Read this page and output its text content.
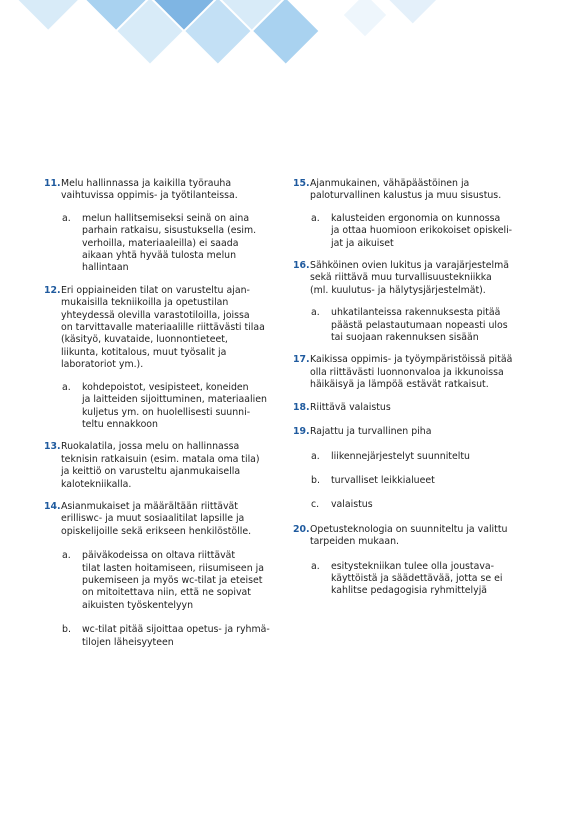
11. Melu hallinnassa ja kaikilla työrauha
vaihtuvissa oppimis- ja työtilanteissa.
a. melun hallitsemiseksi seinä on aina
parhain ratkaisu, sisustuksella (esim.
verhoilla, materiaaleilla) ei saada
aikaan yhtä hyvää tulosta melun
hallintaan
12. Eri oppiaineiden tilat on varusteltu ajan-
mukaisilla tekniikoilla ja opetustilan
yhteydessä olevilla varastotiloilla, joissa
on tarvittavalle materiaalille riittävästi tilaa
(käsityö, kuvataide, luonnontieteet,
liikunta, kotitalous, muut työsalit ja
laboratoriot ym.).
a. kohdepoistot, vesipisteet, koneiden
ja laitteiden sijoittuminen, materiaalien
kuljetus ym. on huolellisesti suunni-
teltu ennakkoon
13. Ruokalatila, jossa melu on hallinnassa
teknisin ratkaisuin (esim. matala oma tila)
ja keittiö on varusteltu ajanmukaisella
kalotekniikalla.
14. Asianmukaiset ja määrältään riittävät
erilliswc- ja muut sosiaalitilat lapsille ja
opiskelijoille sekä erikseen henkilöstölle.
a. päiväkodeissa on oltava riittävät
tilat lasten hoitamiseen, riisumiseen ja
pukemiseen ja myös wc-tilat ja eteiset
on mitoitettava niin, että ne sopivat
aikuisten työskentelyyn
b. wc-tilat pitää sijoittaa opetus- ja ryhmä-
tilojen läheisyyteen
15. Ajanmukainen, vähäpäästöinen ja
paloturvallinen kalustus ja muu sisustus.
a. kalusteiden ergonomia on kunnossa
ja ottaa huomioon erikokoiset opiskeli-
jat ja aikuiset
16. Sähköinen ovien lukitus ja varajärjestelmä
sekä riittävä muu turvallisuustekniikka
(ml. kuulutus- ja hälytysjärjestelmät).
a. uhkatilanteissa rakennuksesta pitää
päästä pelastautumaan nopeasti ulos
tai suojaan rakennuksen sisään
17. Kaikissa oppimis- ja työympäristöissä pitää
olla riittävästi luonnonvaloa ja ikkunoissa
häikäisyä ja lämpöä estävät ratkaisut.
18. Riittävä valaistus
19. Rajattu ja turvallinen piha
a. liikennejärjestelyt suunniteltu
b. turvalliset leikkialueet
c. valaistus
20. Opetusteknologia on suunniteltu ja valittu
tarpeiden mukaan.
a. esitystekniikan tulee olla joustava-
käyttöistä ja säädettävää, jotta se ei
kahlitse pedagogisia ryhmittelyjä
